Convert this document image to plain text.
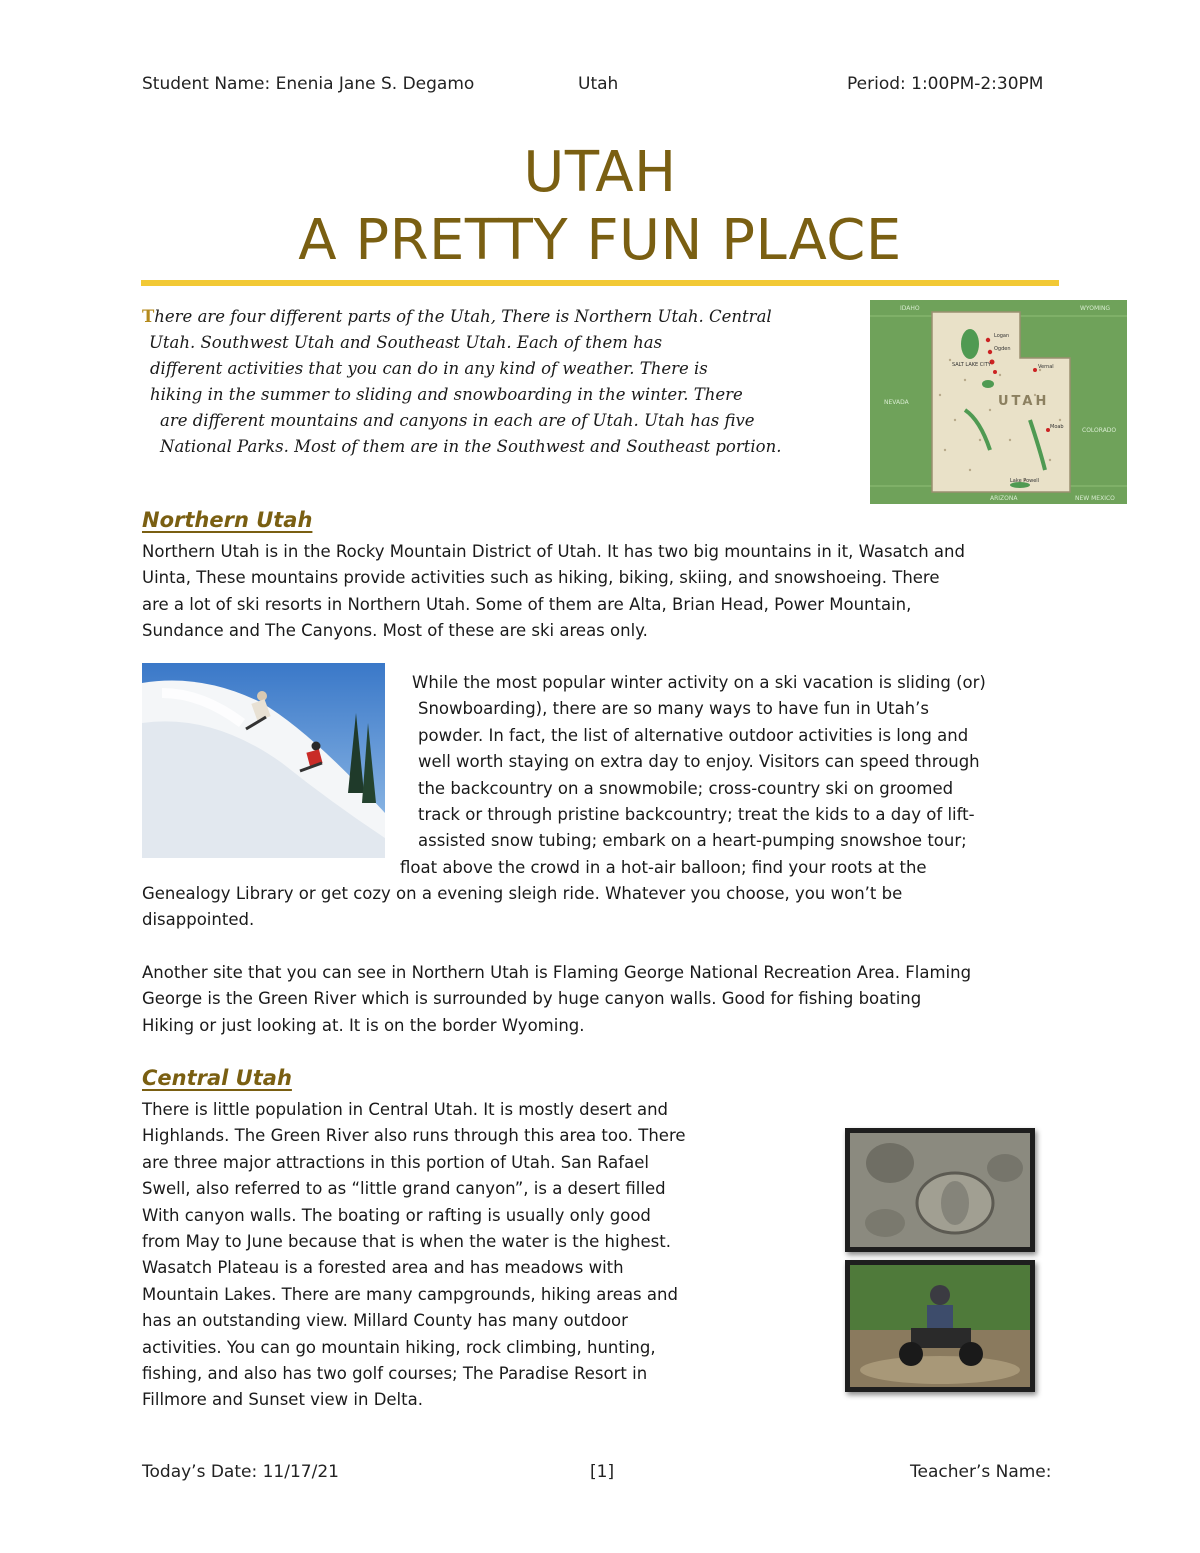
Student Name: Enenia Jane S. Degamo	Utah	Period: 1:00PM-2:30PM
UTAH
A PRETTY FUN PLACE
There are four different parts of the Utah, There is Northern Utah. Central
Utah. Southwest Utah and Southeast Utah. Each of them has
different activities that you can do in any kind of weather. There is
hiking in the summer to sliding and snowboarding in the winter. There
are different mountains and canyons in each are of Utah. Utah has five
National Parks. Most of them are in the Southwest and Southeast portion.
UTAH
NEVADA
COLORADO
WYOMING
IDAHO
ARIZONA	NEW MEXICO
SALT LAKE CITY
Logan
Ogden
Vernal
Moab
Lake Powell
Northern Utah
Northern Utah is in the Rocky Mountain District of Utah. It has two big mountains in it, Wasatch and
Uinta, These mountains provide activities such as hiking, biking, skiing, and snowshoeing. There
are a lot of ski resorts in Northern Utah. Some of them are Alta, Brian Head, Power Mountain,
Sundance and The Canyons. Most of these are ski areas only.
While the most popular winter activity on a ski vacation is sliding (or)
Snowboarding), there are so many ways to have fun in Utah’s
powder. In fact, the list of alternative outdoor activities is long and
well worth staying on extra day to enjoy. Visitors can speed through
the backcountry on a snowmobile; cross-country ski on groomed
track or through pristine backcountry; treat the kids to a day of lift-
assisted snow tubing; embark on a heart-pumping snowshoe tour;
float above the crowd in a hot-air balloon; find your roots at the
Genealogy Library or get cozy on a evening sleigh ride. Whatever you choose, you won’t be
disappointed.
Another site that you can see in Northern Utah is Flaming George National Recreation Area. Flaming
George is the Green River which is surrounded by huge canyon walls. Good for fishing boating
Hiking or just looking at. It is on the border Wyoming.
Central Utah
There is little population in Central Utah. It is mostly desert and
Highlands. The Green River also runs through this area too. There
are three major attractions in this portion of Utah. San Rafael
Swell, also referred to as “little grand canyon”, is a desert filled
With canyon walls. The boating or rafting is usually only good
from May to June because that is when the water is the highest.
Wasatch Plateau is a forested area and has meadows with
Mountain Lakes. There are many campgrounds, hiking areas and
has an outstanding view. Millard County has many outdoor
activities. You can go mountain hiking, rock climbing, hunting,
fishing, and also has two golf courses; The Paradise Resort in
Fillmore and Sunset view in Delta.
Today’s Date: 11/17/21	[1]	Teacher’s Name:
